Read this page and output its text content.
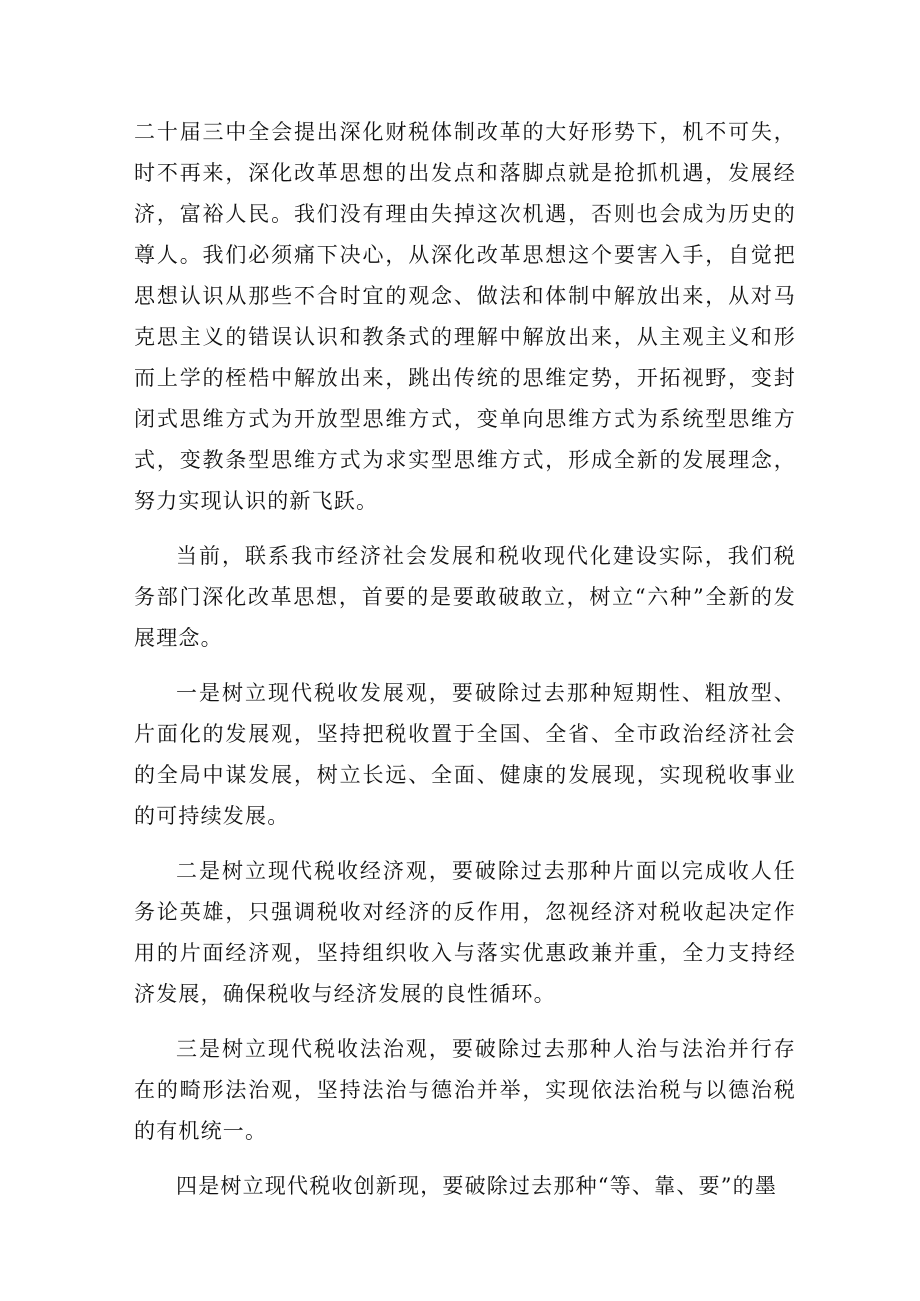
二十届三中全会提出深化财税体制改革的大好形势下，机不可失，时不再来，深化改革思想的出发点和落脚点就是抢抓机遇，发展经济，富裕人民。我们没有理由失掉这次机遇，否则也会成为历史的尊人。我们必须痛下决心，从深化改革思想这个要害入手，自觉把思想认识从那些不合时宜的观念、做法和体制中解放出来，从对马克思主义的错误认识和教条式的理解中解放出来，从主观主义和形而上学的桎梏中解放出来，跳出传统的思维定势，开拓视野，变封闭式思维方式为开放型思维方式，变单向思维方式为系统型思维方式，变教条型思维方式为求实型思维方式，形成全新的发展理念，努力实现认识的新飞跃。

当前，联系我市经济社会发展和税收现代化建设实际，我们税务部门深化改革思想，首要的是要敢破敢立，树立“六种”全新的发展理念。

一是树立现代税收发展观，要破除过去那种短期性、粗放型、片面化的发展观，坚持把税收置于全国、全省、全市政治经济社会的全局中谋发展，树立长远、全面、健康的发展现，实现税收事业的可持续发展。

二是树立现代税收经济观，要破除过去那种片面以完成收人任务论英雄，只强调税收对经济的反作用，忽视经济对税收起决定作用的片面经济观，坚持组织收入与落实优惠政兼并重，全力支持经济发展，确保税收与经济发展的良性循环。

三是树立现代税收法治观，要破除过去那种人治与法治并行存在的畸形法治观，坚持法治与德治并举，实现依法治税与以德治税的有机统一。

四是树立现代税收创新现，要破除过去那种“等、靠、要”的墨
